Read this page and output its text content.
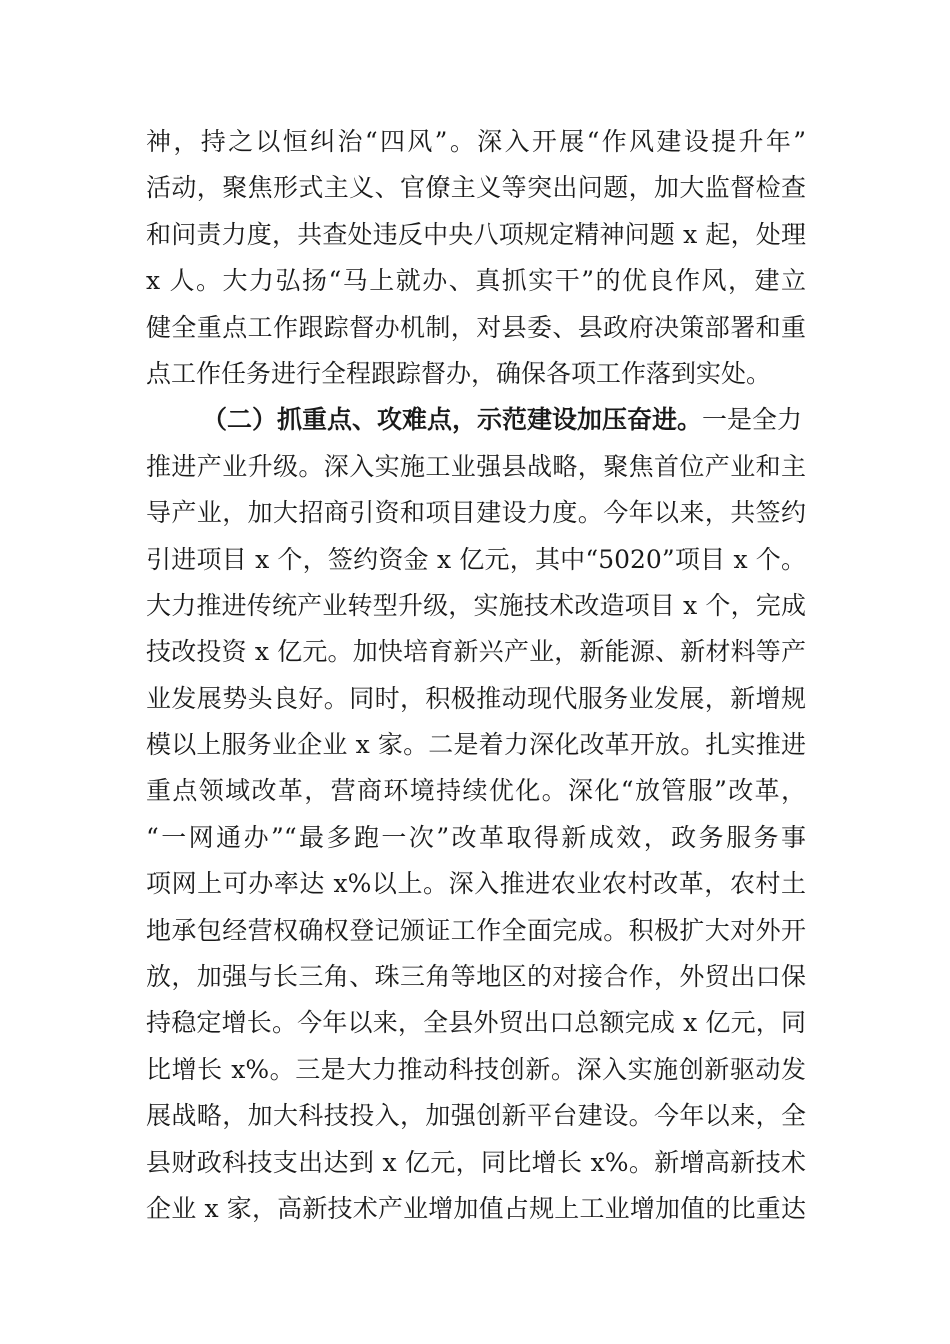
神，持之以恒纠治“四风”。深入开展“作风建设提升年”
活动，聚焦形式主义、官僚主义等突出问题，加大监督检查
和问责力度，共查处违反中央八项规定精神问题 x 起，处理
x 人。大力弘扬“马上就办、真抓实干”的优良作风，建立
健全重点工作跟踪督办机制，对县委、县政府决策部署和重
点工作任务进行全程跟踪督办，确保各项工作落到实处。
（二）抓重点、攻难点，示范建设加压奋进。一是全力
推进产业升级。深入实施工业强县战略，聚焦首位产业和主
导产业，加大招商引资和项目建设力度。今年以来，共签约
引进项目 x 个，签约资金 x 亿元，其中“5020”项目 x 个。
大力推进传统产业转型升级，实施技术改造项目 x 个，完成
技改投资 x 亿元。加快培育新兴产业，新能源、新材料等产
业发展势头良好。同时，积极推动现代服务业发展，新增规
模以上服务业企业 x 家。二是着力深化改革开放。扎实推进
重点领域改革，营商环境持续优化。深化“放管服”改革，
“一网通办”“最多跑一次”改革取得新成效，政务服务事
项网上可办率达 x%以上。深入推进农业农村改革，农村土
地承包经营权确权登记颁证工作全面完成。积极扩大对外开
放，加强与长三角、珠三角等地区的对接合作，外贸出口保
持稳定增长。今年以来，全县外贸出口总额完成 x 亿元，同
比增长 x%。三是大力推动科技创新。深入实施创新驱动发
展战略，加大科技投入，加强创新平台建设。今年以来，全
县财政科技支出达到 x 亿元，同比增长 x%。新增高新技术
企业 x 家，高新技术产业增加值占规上工业增加值的比重达
